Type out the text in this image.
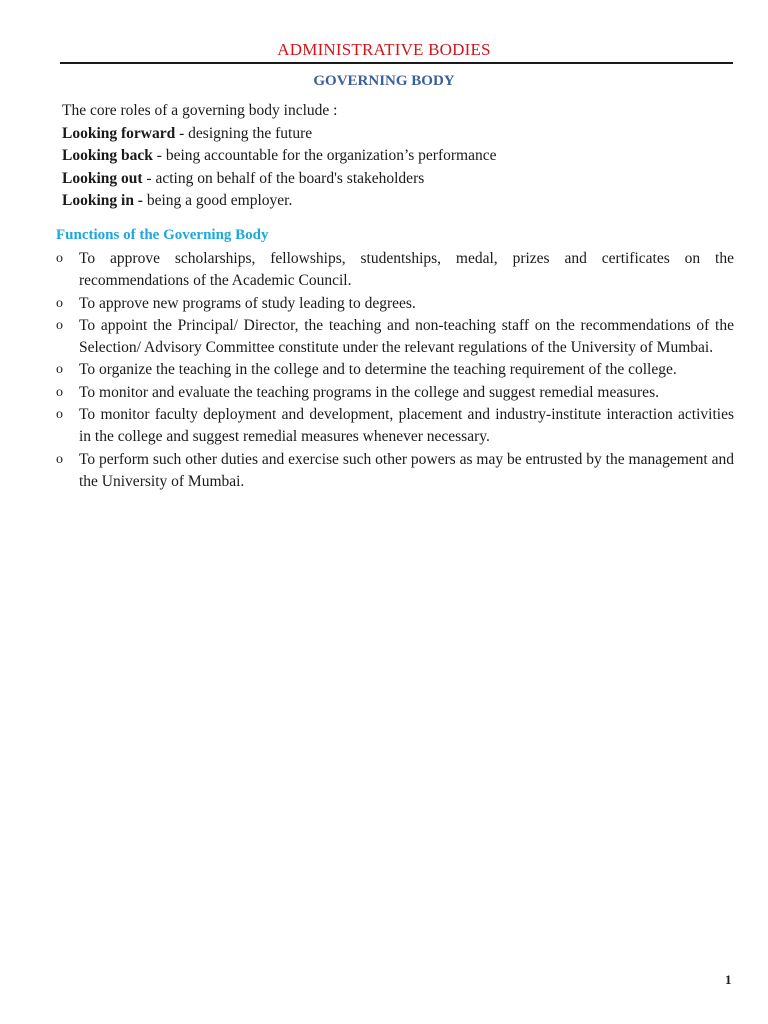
ADMINISTRATIVE BODIES
GOVERNING BODY

The core roles of a governing body include :

Looking forward - designing the future

Looking back - being accountable for the organization’s performance

Looking out - acting on behalf of the board's stakeholders

Looking in - being a good employer.

Functions of the Governing Body
o To approve scholarships, fellowships, studentships, medal, prizes and certificates on the recommendations of the Academic Council.
o To approve new programs of study leading to degrees.
o To appoint the Principal/ Director, the teaching and non-teaching staff on the recommendations of the Selection/ Advisory Committee constitute under the relevant regulations of the University of Mumbai.
o To organize the teaching in the college and to determine the teaching requirement of the college.
o To monitor and evaluate the teaching programs in the college and suggest remedial measures.
o To monitor faculty deployment and development, placement and industry-institute interaction activities in the college and suggest remedial measures whenever necessary.
o To perform such other duties and exercise such other powers as may be entrusted by the management and the University of Mumbai.
1
